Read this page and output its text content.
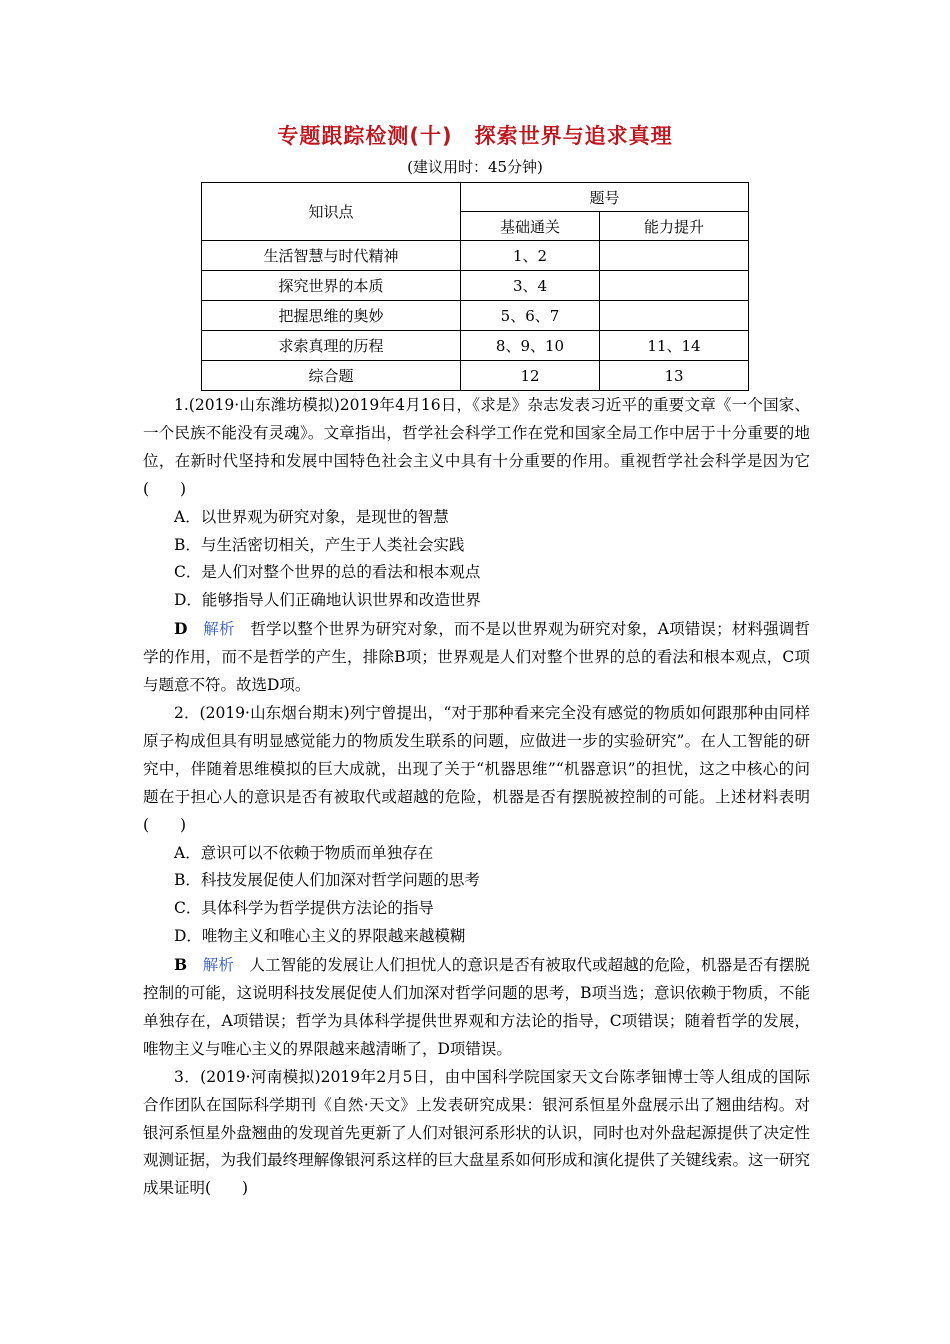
专题跟踪检测(十) 探索世界与追求真理
(建议用时：45分钟)
知识点	题号	
	基础通关	能力提升
生活智慧与时代精神	1、2	
探究世界的本质	3、4	
把握思维的奥妙	5、6、7	
求索真理的历程	8、9、10	11、14
综合题	12	13

1.(2019·山东潍坊模拟)2019年4月16日，《求是》杂志发表习近平的重要文章《一个国家、一个民族不能没有灵魂》。文章指出，哲学社会科学工作在党和国家全局工作中居于十分重要的地位，在新时代坚持和发展中国特色社会主义中具有十分重要的作用。重视哲学社会科学是因为它(　　)

A．以世界观为研究对象，是现世的智慧

B．与生活密切相关，产生于人类社会实践

C．是人们对整个世界的总的看法和根本观点

D．能够指导人们正确地认识世界和改造世界

D　 解析　 哲学以整个世界为研究对象，而不是以世界观为研究对象，A项错误；材料强调哲学的作用，而不是哲学的产生，排除B项；世界观是人们对整个世界的总的看法和根本观点，C项与题意不符。故选D项。

2．(2019·山东烟台期末)列宁曾提出，“对于那种看来完全没有感觉的物质如何跟那种由同样原子构成但具有明显感觉能力的物质发生联系的问题，应做进一步的实验研究”。在人工智能的研究中，伴随着思维模拟的巨大成就，出现了关于“机器思维”“机器意识”的担忧，这之中核心的问题在于担心人的意识是否有被取代或超越的危险，机器是否有摆脱被控制的可能。上述材料表明(　　)

A．意识可以不依赖于物质而单独存在

B．科技发展促使人们加深对哲学问题的思考

C．具体科学为哲学提供方法论的指导

D．唯物主义和唯心主义的界限越来越模糊

B　 解析　 人工智能的发展让人们担忧人的意识是否有被取代或超越的危险，机器是否有摆脱控制的可能，这说明科技发展促使人们加深对哲学问题的思考，B项当选；意识依赖于物质，不能单独存在，A项错误；哲学为具体科学提供世界观和方法论的指导，C项错误；随着哲学的发展，唯物主义与唯心主义的界限越来越清晰了，D项错误。

3．(2019·河南模拟)2019年2月5日，由中国科学院国家天文台陈孝钿博士等人组成的国际合作团队在国际科学期刊《自然·天文》上发表研究成果：银河系恒星外盘展示出了翘曲结构。对银河系恒星外盘翘曲的发现首先更新了人们对银河系形状的认识，同时也对外盘起源提供了决定性观测证据，为我们最终理解像银河系这样的巨大盘星系如何形成和演化提供了关键线索。这一研究成果证明(　　)
